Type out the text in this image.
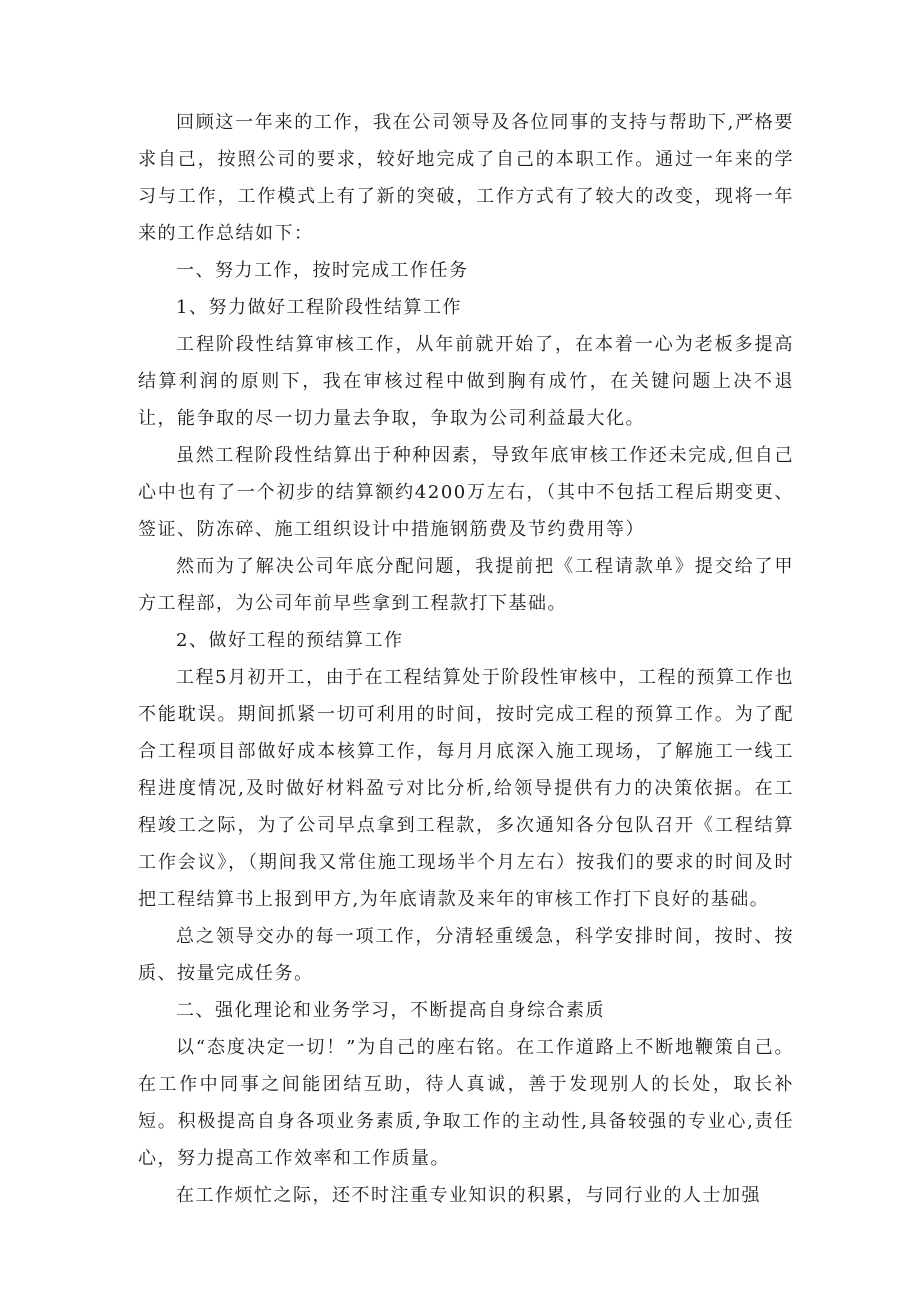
回顾这一年来的工作，我在公司领导及各位同事的支持与帮助下,严格要求自己，按照公司的要求，较好地完成了自己的本职工作。通过一年来的学习与工作，工作模式上有了新的突破，工作方式有了较大的改变，现将一年来的工作总结如下：

一、努力工作，按时完成工作任务

1、努力做好工程阶段性结算工作

工程阶段性结算审核工作，从年前就开始了，在本着一心为老板多提高结算利润的原则下，我在审核过程中做到胸有成竹，在关键问题上决不退让，能争取的尽一切力量去争取，争取为公司利益最大化。

虽然工程阶段性结算出于种种因素，导致年底审核工作还未完成,但自己心中也有了一个初步的结算额约4200万左右，（其中不包括工程后期变更、签证、防冻碎、施工组织设计中措施钢筋费及节约费用等）

然而为了解决公司年底分配问题，我提前把《工程请款单》提交给了甲方工程部，为公司年前早些拿到工程款打下基础。

2、做好工程的预结算工作

工程5月初开工，由于在工程结算处于阶段性审核中，工程的预算工作也不能耽误。期间抓紧一切可利用的时间，按时完成工程的预算工作。为了配合工程项目部做好成本核算工作，每月月底深入施工现场，了解施工一线工程进度情况,及时做好材料盈亏对比分析,给领导提供有力的决策依据。在工程竣工之际，为了公司早点拿到工程款，多次通知各分包队召开《工程结算工作会议》，（期间我又常住施工现场半个月左右）按我们的要求的时间及时把工程结算书上报到甲方,为年底请款及来年的审核工作打下良好的基础。

总之领导交办的每一项工作，分清轻重缓急，科学安排时间，按时、按质、按量完成任务。

二、强化理论和业务学习，不断提高自身综合素质

以“态度决定一切！”为自己的座右铭。在工作道路上不断地鞭策自己。在工作中同事之间能团结互助，待人真诚，善于发现别人的长处，取长补短。积极提高自身各项业务素质,争取工作的主动性,具备较强的专业心,责任心，努力提高工作效率和工作质量。

在工作烦忙之际，还不时注重专业知识的积累，与同行业的人士加强
